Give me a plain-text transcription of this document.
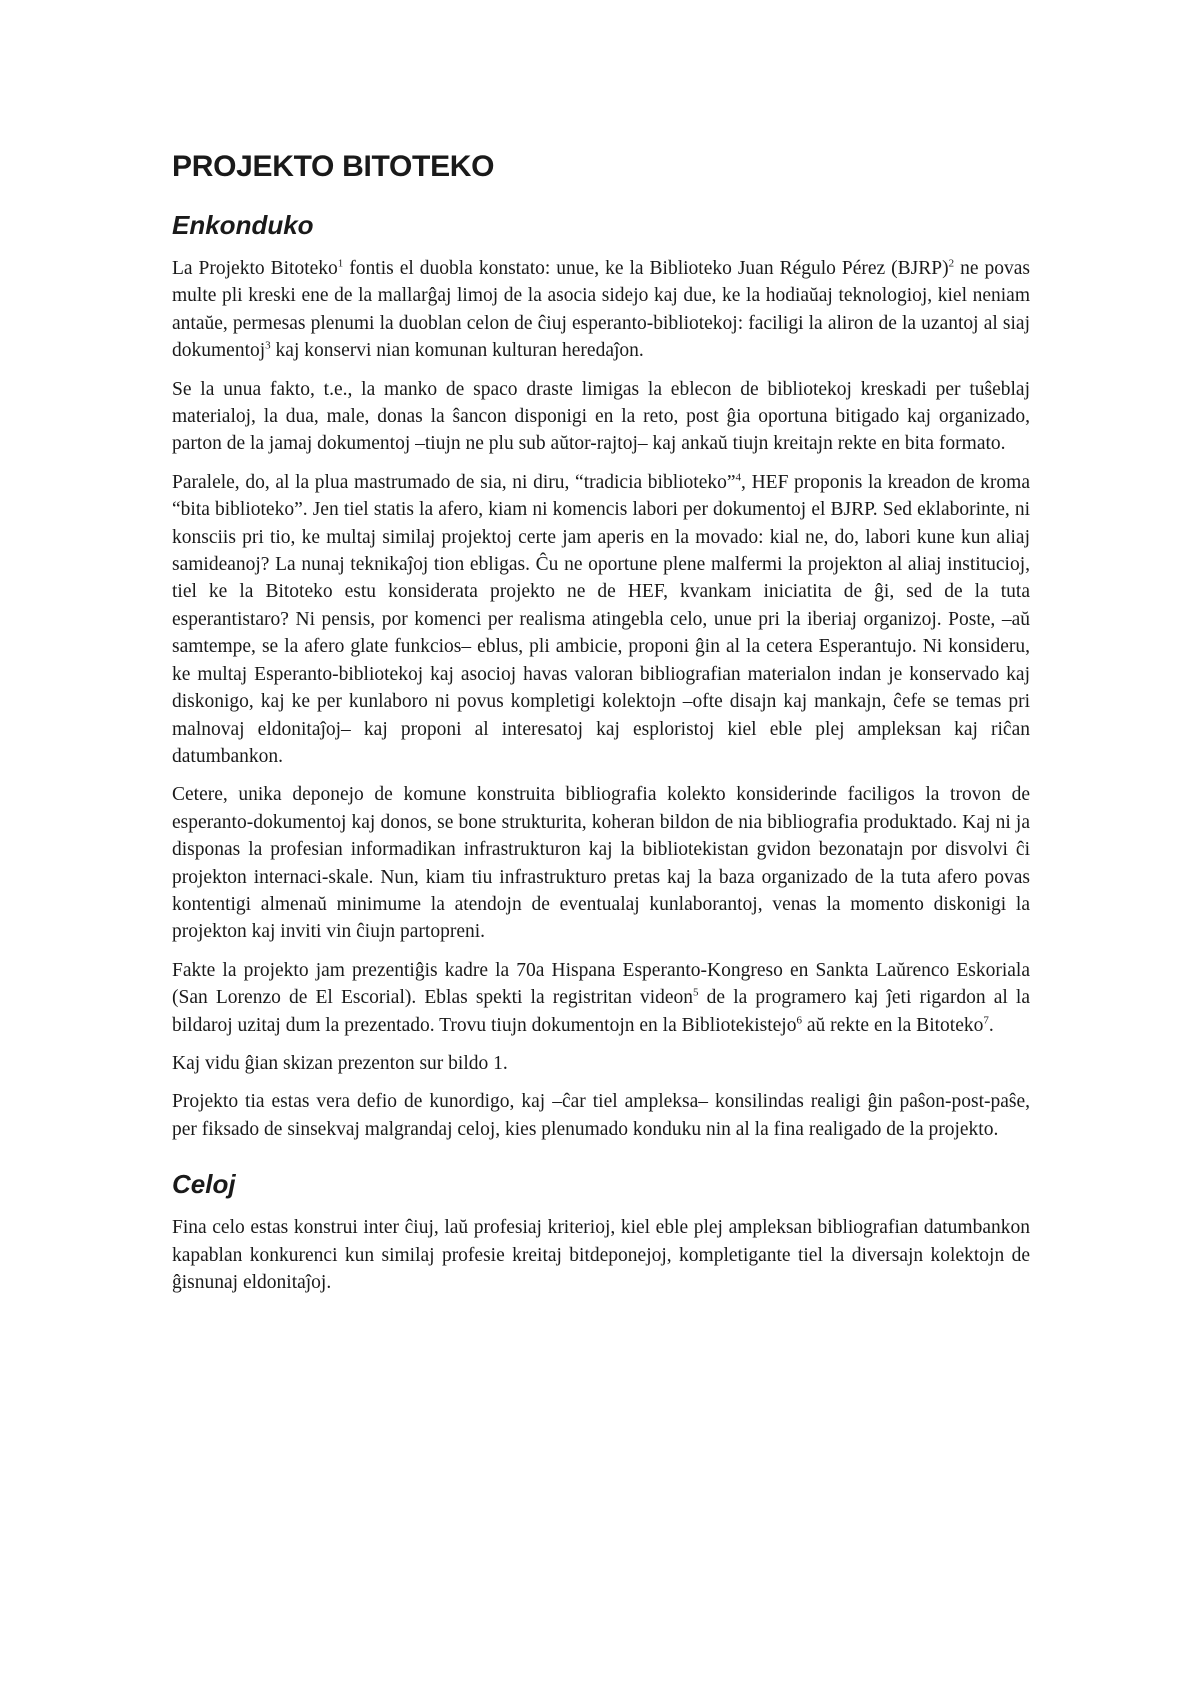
PROJEKTO BITOTEKO
Enkonduko

La Projekto Bitoteko$^1$ fontis el duobla konstato: unue, ke la Biblioteko Juan Régulo Pérez (BJRP)$^2$ ne povas multe pli kreski ene de la mallarĝaj limoj de la asocia sidejo kaj due, ke la hodiaŭaj teknologioj, kiel neniam antaŭe, permesas plenumi la duoblan celon de ĉiuj esperanto-bibliotekoj: faciligi la aliron de la uzantoj al siaj dokumentoj$^3$ kaj konservi nian komunan kulturan heredaĵon.

Se la unua fakto, t.e., la manko de spaco draste limigas la eblecon de bibliotekoj kreskadi per tuŝeblaj materialoj, la dua, male, donas la ŝancon disponigi en la reto, post ĝia oportuna bitigado kaj organizado, parton de la jamaj dokumentoj –tiujn ne plu sub aŭtor-rajtoj– kaj ankaŭ tiujn kreitajn rekte en bita formato.

Paralele, do, al la plua mastrumado de sia, ni diru, “tradicia biblioteko”$^4$, HEF proponis la kreadon de kroma “bita biblioteko”. Jen tiel statis la afero, kiam ni komencis labori per dokumentoj el BJRP. Sed eklaborinte, ni konsciis pri tio, ke multaj similaj projektoj certe jam aperis en la movado: kial ne, do, labori kune kun aliaj samideanoj? La nunaj teknikaĵoj tion ebligas. Ĉu ne oportune plene malfermi la projekton al aliaj institucioj, tiel ke la Bitoteko estu konsiderata projekto ne de HEF, kvankam iniciatita de ĝi, sed de la tuta esperantistaro? Ni pensis, por komenci per realisma atingebla celo, unue pri la iberiaj organizoj. Poste, –aŭ samtempe, se la afero glate funkcios– eblus, pli ambicie, proponi ĝin al la cetera Esperantujo. Ni konsideru, ke multaj Esperanto-bibliotekoj kaj asocioj havas valoran bibliografian materialon indan je konservado kaj diskonigo, kaj ke per kunlaboro ni povus kompletigi kolektojn –ofte disajn kaj mankajn, ĉefe se temas pri malnovaj eldonitaĵoj– kaj proponi al interesatoj kaj esploristoj kiel eble plej ampleksan kaj riĉan datumbankon.

Cetere, unika deponejo de komune konstruita bibliografia kolekto konsiderinde faciligos la trovon de esperanto-dokumentoj kaj donos, se bone strukturita, koheran bildon de nia bibliografia produktado. Kaj ni ja disponas la profesian informadikan infrastrukturon kaj la bibliotekistan gvidon bezonatajn por disvolvi ĉi projekton internaci-skale. Nun, kiam tiu infrastrukturo pretas kaj la baza organizado de la tuta afero povas kontentigi almenaŭ minimume la atendojn de eventualaj kunlaborantoj, venas la momento diskonigi la projekton kaj inviti vin ĉiujn partopreni.

Fakte la projekto jam prezentiĝis kadre la 70a Hispana Esperanto-Kongreso en Sankta Laŭrenco Eskoriala (San Lorenzo de El Escorial). Eblas spekti la registritan videon$^5$ de la programero kaj ĵeti rigardon al la bildaroj uzitaj dum la prezentado. Trovu tiujn dokumentojn en la Bibliotekistejo$^6$ aŭ rekte en la Bitoteko$^7$.

Kaj vidu ĝian skizan prezenton sur bildo 1.

Projekto tia estas vera defio de kunordigo, kaj –ĉar tiel ampleksa– konsilindas realigi ĝin paŝon-post-paŝe, per fiksado de sinsekvaj malgrandaj celoj, kies plenumado konduku nin al la fina realigado de la projekto.

Celoj

Fina celo estas konstrui inter ĉiuj, laŭ profesiaj kriterioj, kiel eble plej ampleksan bibliografian datumbankon kapablan konkurenci kun similaj profesie kreitaj bitdeponejoj, kompletigante tiel la diversajn kolektojn de ĝisnunaj eldonitaĵoj.
